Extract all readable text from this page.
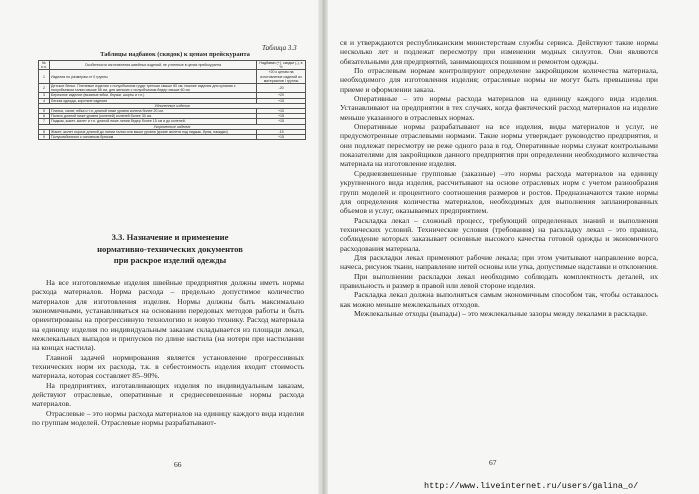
Таблица 3.3
Таблицы надбавок (скидок) к ценам прейскуранта
№ п.п.	Особенности изготовления швейных изделий, не учтенные в ценах прейскуранта	Надбавки (+), скидки (-), в %
1	Изделия по размерам от 0 группы	+20 к ценам на изготовление изделий из материалов I группы
2	Детское белье. Плечевые изделия с полуобъемом груди третьим свыше 60 см: нижние изделия для купания с полуобъемом талии свыше 56 см, для женских с полуобъемом бедер свыше 60 см	-20
3	Бережное изделие (вязаные юбки, блузки, шорты и т.п.)	+20
4	Легкая одежда, короткие изделия	+15
Удлиненные изделия		
5	Платья, халат, юбка и т.п. длиной ниже уровня колена более 20 см.	+10
6	Пальто длиной ниже уровня (коленей) коленей более 30 см.	+15
7	Пиджак, жакет, жилет и т.п. длиной ниже линии бедер более 15 см и до коленей.	+15
Укороченные изделия		
8	Жакет, жилет короче длиной до линии талии или выше уровня (кроме жилета под пиджак, брюк, накидки)	-15
9	Полукомбинезон к основным брюкам	+15
3.3. Назначение и применение
нормативно-технических документов
при раскрое изделий одежды

На все изготовляемые изделия швейные предприятия должны иметь нормы расхода материалов. Норма расхода – предельно допустимое количество материалов для изготовления изделия. Нормы должны быть максимально экономичными, устанавливаться на основании передовых методов работы и быть ориентированы на прогрессивную технологию и новую технику. Расход материала на единицу изделия по индивидуальным заказам складывается из площади лекал, межлекальных выпадов и припусков по длине настила (на нотери при настилании на концах настила).

Главной задачей нормирования является установление прогрессивных технических норм их расхода, т.к. в себестоимость изделия входит стоимость материала, которая составляет 85–90%.

На предприятиях, изготавливающих изделия по индивидуальным заказам, действуют отраслевые, оперативные и среднесевешенные нормы расхода материалов.

Отраслевые – это нормы расхода материалов на единицу каждого вида изделия по группам моделей. Отраслевые нормы разрабатывают-

66

ся и утверждаются республиканским министерствам службы сервиса. Действуют такие нормы несколько лет и подлежат пересмотру при изменении модных силуэтов. Они являются обязательными для предприятий, занимающихся пошивом и ремонтом одежды.

По отраслевым нормам контролируют определение закройщиком количества материала, необходимого для изготовления изделия; отраслевые нормы не могут быть превышены при приеме и оформлении заказа.

Оперативные – это нормы расхода материалов на единицу каждого вида изделия. Устанавливают на предприятии в тех случаях, когда фактический расход материалов на изделие меньше указанного в отраслевых нормах.

Оперативные нормы разрабатывают на все изделия, виды материалов и услуг, не предусмотренные отраслевыми нормами. Такие нормы утверждает руководство предприятия, и они подлежат пересмотру не реже одного раза в год. Оперативные нормы служат контрольными показателями для закройщиков данного предприятия при определении необходимого количества материала на изготовление изделия.

Средневзвешенные групповые (заказные) –это нормы расхода материалов на единицу укрупненного вида изделия, рассчитывают на основе отраслевых норм с учетом разнообразия групп моделей и процентного соотношения размеров и ростов. Предназначаются такие нормы для определения количества материалов, необходимых для выполнения запланированных объемов и услуг, оказываемых предприятием.

Раскладка лекал – сложный процесс, требующий определенных знаний и выполнения технических условий. Технические условия (требования) на раскладку лекал – это правила, соблюдение которых заказывает основные высокого качества готовой одежды и экономичного расходования материала.

Для раскладки лекал применяют рабочие лекала; при этом учитывают направление ворса, начеса, рисунок ткани, направление нитей основы или утка, допустимые надставки и отклонения.

При выполнении раскладки лекал необходимо соблюдать комплектность деталей, их правильность и размер в правой или левой стороне изделия.

Раскладка лекал должна выполняться самым экономичным способом так, чтобы оставалось как можно меньше межлекальных отходов.

Межлекальные отходы (выпады) – это межлекальные зазоры между лекалами в раскладке.

67
http://www.liveinternet.ru/users/galina_o/
